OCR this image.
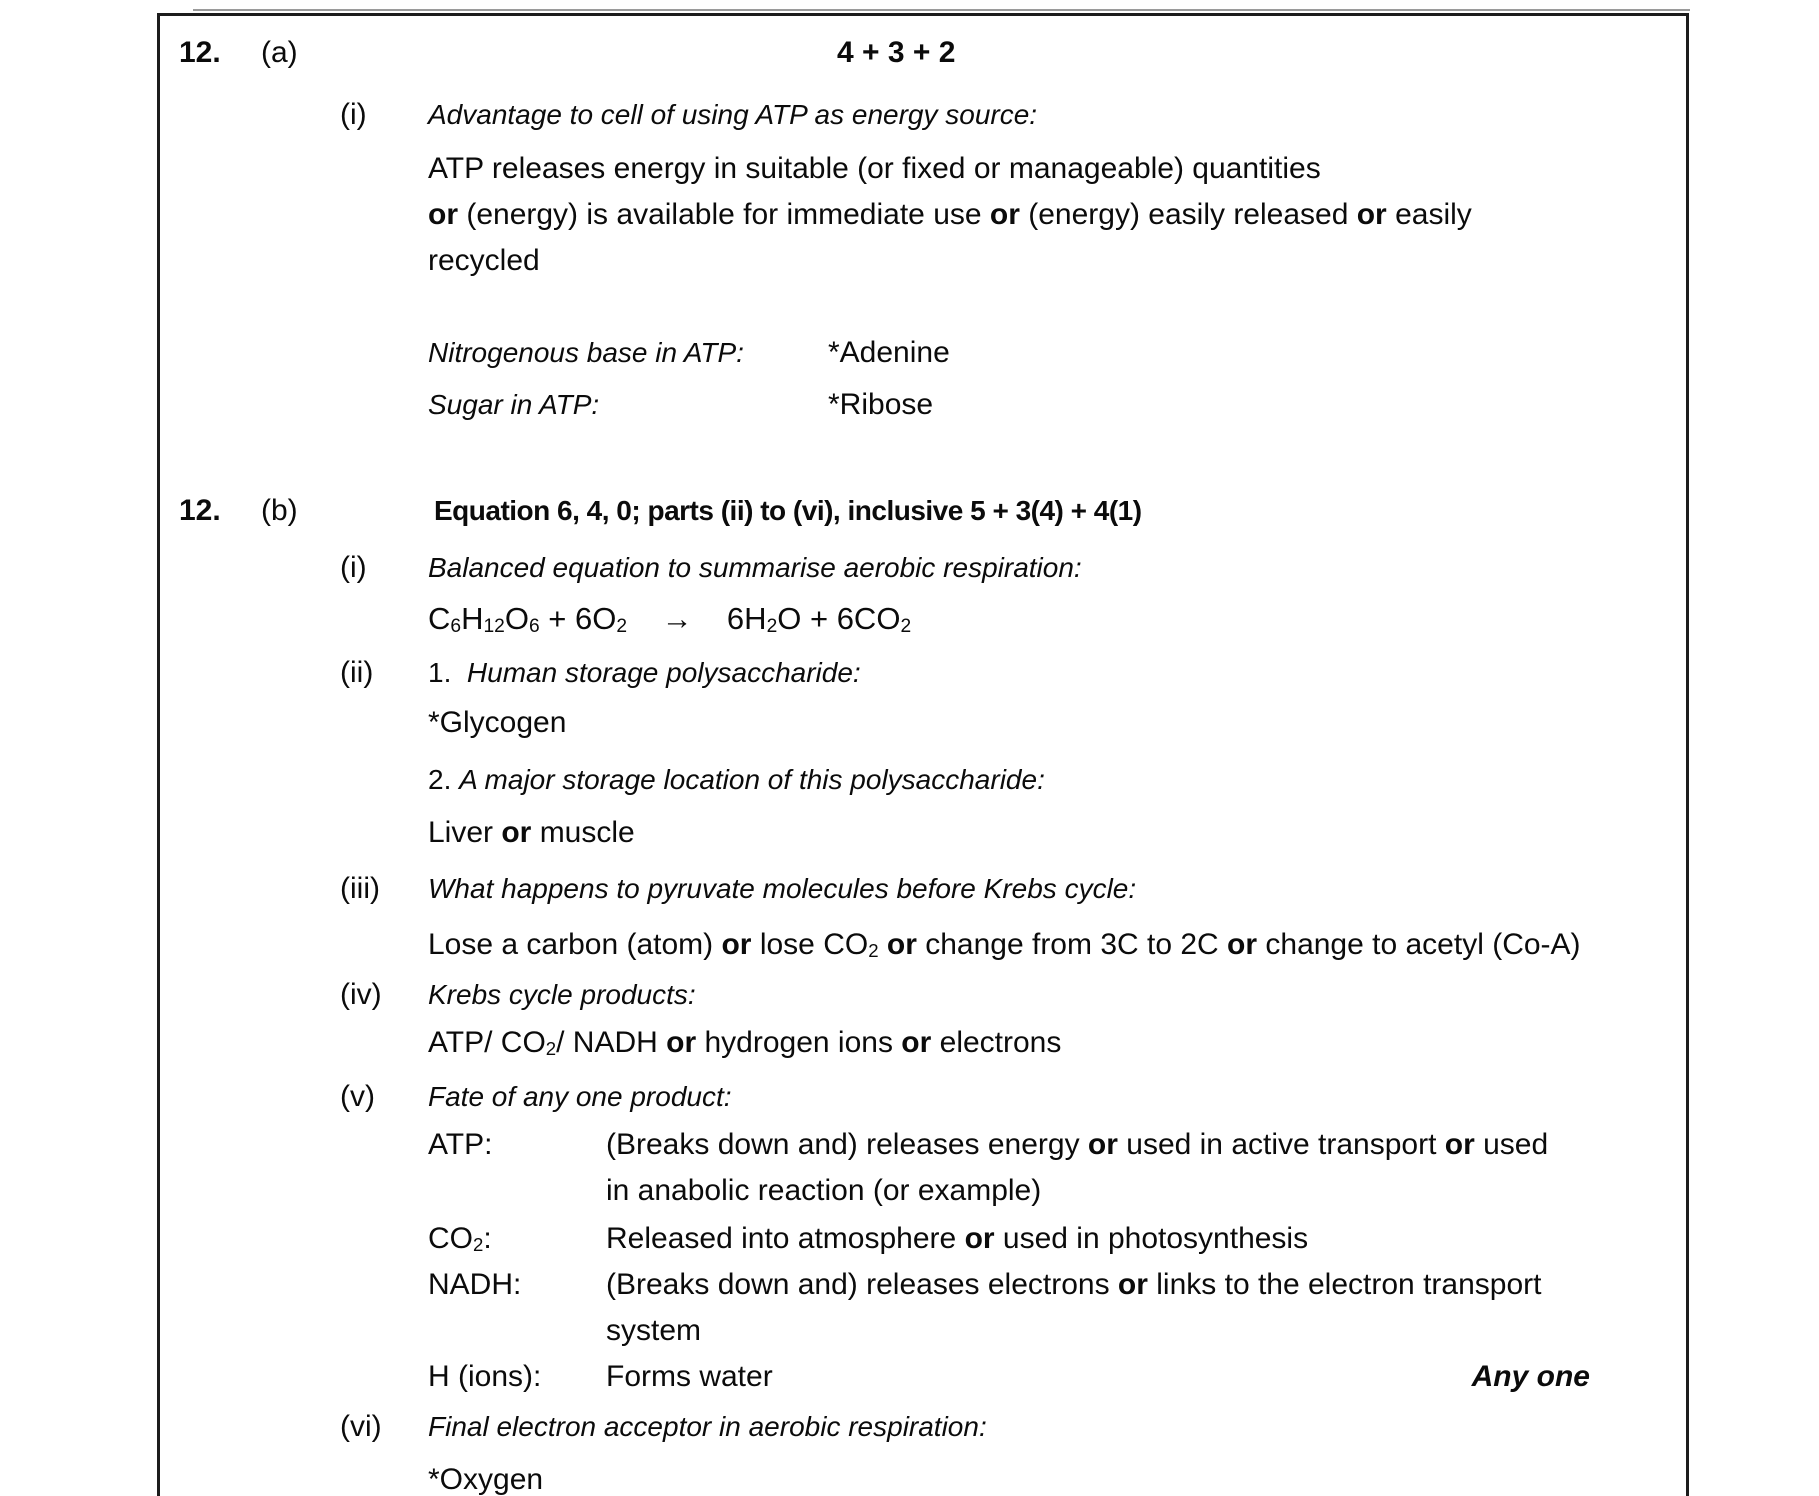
12.	(a)	4 + 3 + 2
(i)	Advantage to cell of using ATP as energy source:
ATP releases energy in suitable (or fixed or manageable) quantities
or (energy) is available for immediate use or (energy) easily released or easily
recycled
Nitrogenous base in ATP:	*Adenine
Sugar in ATP:	*Ribose
12.	(b)	Equation 6, 4, 0; parts (ii) to (vi), inclusive 5 + 3(4) + 4(1)
(i)	Balanced equation to summarise aerobic respiration:
$C_6H_{12}O_6 + 6O_2$    →    $6H_2O + 6CO_2$
(ii)	1.  Human storage polysaccharide:
*Glycogen
2. A major storage location of this polysaccharide:
Liver or muscle
(iii)	What happens to pyruvate molecules before Krebs cycle:
Lose a carbon (atom) or lose $CO_2$ or change from 3C to 2C or change to acetyl (Co-A)
(iv)	Krebs cycle products:
ATP/ $CO_2/$ NADH or hydrogen ions or electrons
(v)	Fate of any one product:
ATP:	(Breaks down and) releases energy or used in active transport or used
in anabolic reaction (or example)
$CO_2$:	Released into atmosphere or used in photosynthesis
NADH:	(Breaks down and) releases electrons or links to the electron transport
system
H (ions):	Forms water	Any one
(vi)	Final electron acceptor in aerobic respiration:
*Oxygen
